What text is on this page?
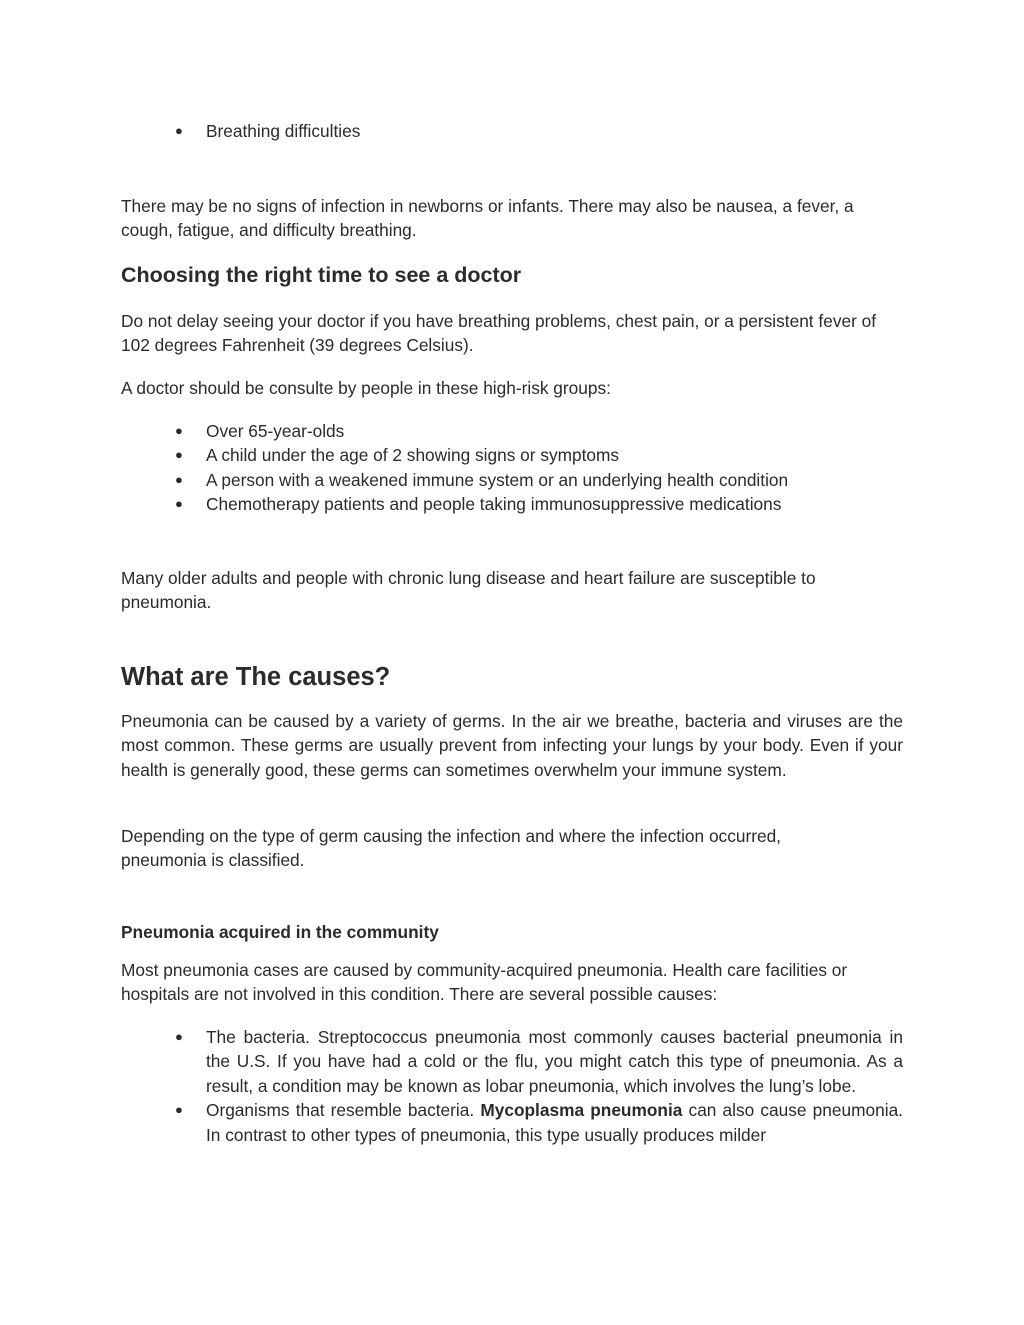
● Breathing difficulties

There may be no signs of infection in newborns or infants. There may also be nausea, a fever, a cough, fatigue, and difficulty breathing.

Choosing the right time to see a doctor

Do not delay seeing your doctor if you have breathing problems, chest pain, or a persistent fever of 102 degrees Fahrenheit (39 degrees Celsius).

A doctor should be consulte by people in these high-risk groups:

● Over 65-year-olds
● A child under the age of 2 showing signs or symptoms
● A person with a weakened immune system or an underlying health condition
● Chemotherapy patients and people taking immunosuppressive medications

Many older adults and people with chronic lung disease and heart failure are susceptible to pneumonia.

What are The causes?

Pneumonia can be caused by a variety of germs. In the air we breathe, bacteria and viruses are the most common. These germs are usually prevent from infecting your lungs by your body. Even if your health is generally good, these germs can sometimes overwhelm your immune system.

Depending on the type of germ causing the infection and where the infection occurred, pneumonia is classified.

Pneumonia acquired in the community

Most pneumonia cases are caused by community-acquired pneumonia. Health care facilities or hospitals are not involved in this condition. There are several possible causes:

● The bacteria. Streptococcus pneumonia most commonly causes bacterial pneumonia in the U.S. If you have had a cold or the flu, you might catch this type of pneumonia. As a result, a condition may be known as lobar pneumonia, which involves the lung’s lobe.
● Organisms that resemble bacteria. Mycoplasma pneumonia can also cause pneumonia. In contrast to other types of pneumonia, this type usually produces milder
